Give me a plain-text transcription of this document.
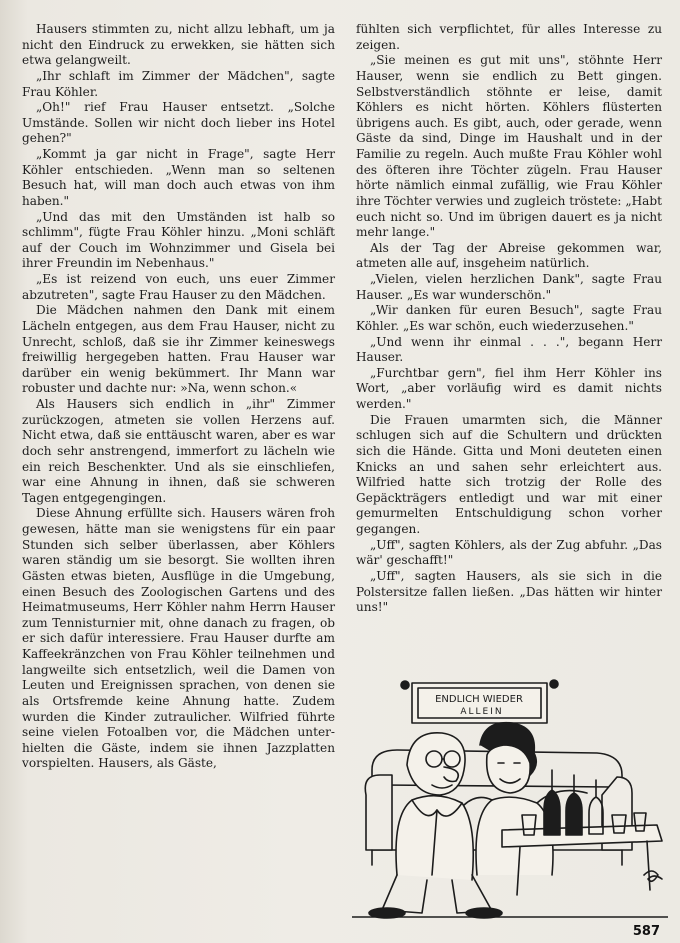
Hausers stimmten zu, nicht allzu lebhaft, um ja nicht den Eindruck zu erwekken, sie hätten sich etwa gelangweilt.

„Ihr schlaft im Zimmer der Mädchen", sagte Frau Köhler.

„Oh!" rief Frau Hauser entsetzt. „Solche Umstände. Sollen wir nicht doch lieber ins Hotel gehen?"

„Kommt ja gar nicht in Frage", sagte Herr Köhler entschieden. „Wenn man so seltenen Besuch hat, will man doch auch etwas von ihm haben."

„Und das mit den Umständen ist halb so schlimm", fügte Frau Köhler hinzu. „Moni schläft auf der Couch im Wohnzimmer und Gisela bei ihrer Freundin im Nebenhaus."

„Es ist reizend von euch, uns euer Zimmer abzutreten", sagte Frau Hauser zu den Mädchen.

Die Mädchen nahmen den Dank mit einem Lächeln entgegen, aus dem Frau Hauser, nicht zu Unrecht, schloß, daß sie ihr Zimmer keineswegs freiwillig hergegeben hatten. Frau Hauser war darüber ein wenig bekümmert. Ihr Mann war robuster und dachte nur: »Na, wenn schon.«

Als Hausers sich endlich in „ihr" Zimmer zurückzogen, atmeten sie vollen Herzens auf. Nicht etwa, daß sie enttäuscht waren, aber es war doch sehr anstrengend, immerfort zu lächeln wie ein reich Beschenkter. Und als sie einschliefen, war eine Ahnung in ihnen, daß sie schweren Tagen entgegengingen.

Diese Ahnung erfüllte sich. Hausers wären froh gewesen, hätte man sie wenigstens für ein paar Stunden sich selber überlassen, aber Köhlers waren ständig um sie besorgt. Sie wollten ihren Gästen etwas bieten, Ausflüge in die Umgebung, einen Besuch des Zoologischen Gartens und des Heimatmuseums, Herr Köhler nahm Herrn Hauser zum Tennisturnier mit, ohne danach zu fragen, ob er sich dafür interessiere. Frau Hauser durfte am Kaffeekränzchen von Frau Köhler teilnehmen und langweilte sich entsetzlich, weil die Damen von Leuten und Ereignissen sprachen, von denen sie als Ortsfremde keine Ahnung hatte. Zudem wurden die Kinder zutraulicher. Wilfried führte seine vielen Fotoalben vor, die Mädchen unterhielten die Gäste, indem sie ihnen Jazzplatten vorspielten. Hausers, als Gäste,

fühlten sich verpflichtet, für alles Interesse zu zeigen.

„Sie meinen es gut mit uns", stöhnte Herr Hauser, wenn sie endlich zu Bett gingen. Selbstverständlich stöhnte er leise, damit Köhlers es nicht hörten. Köhlers flüsterten übrigens auch. Es gibt, auch, oder gerade, wenn Gäste da sind, Dinge im Haushalt und in der Familie zu regeln. Auch mußte Frau Köhler wohl des öfteren ihre Töchter zügeln. Frau Hauser hörte nämlich einmal zufällig, wie Frau Köhler ihre Töchter verwies und zugleich tröstete: „Habt euch nicht so. Und im übrigen dauert es ja nicht mehr lange."

Als der Tag der Abreise gekommen war, atmeten alle auf, insgeheim natürlich.

„Vielen, vielen herzlichen Dank", sagte Frau Hauser. „Es war wunderschön."

„Wir danken für euren Besuch", sagte Frau Köhler. „Es war schön, euch wiederzusehen."

„Und wenn ihr einmal . . .", begann Herr Hauser.

„Furchtbar gern", fiel ihm Herr Köhler ins Wort, „aber vorläufig wird es damit nichts werden."

Die Frauen umarmten sich, die Männer schlugen sich auf die Schultern und drückten sich die Hände. Gitta und Moni deuteten einen Knicks an und sahen sehr erleichtert aus. Wilfried hatte sich trotzig der Rolle des Gepäckträgers entledigt und war mit einer gemurmelten Entschuldigung schon vorher gegangen.

„Uff", sagten Köhlers, als der Zug abfuhr. „Das wär' geschafft!"

„Uff", sagten Hausers, als sie sich in die Polstersitze fallen ließen. „Das hätten wir hinter uns!"

ENDLICH WIEDER
ALLEIN
587
